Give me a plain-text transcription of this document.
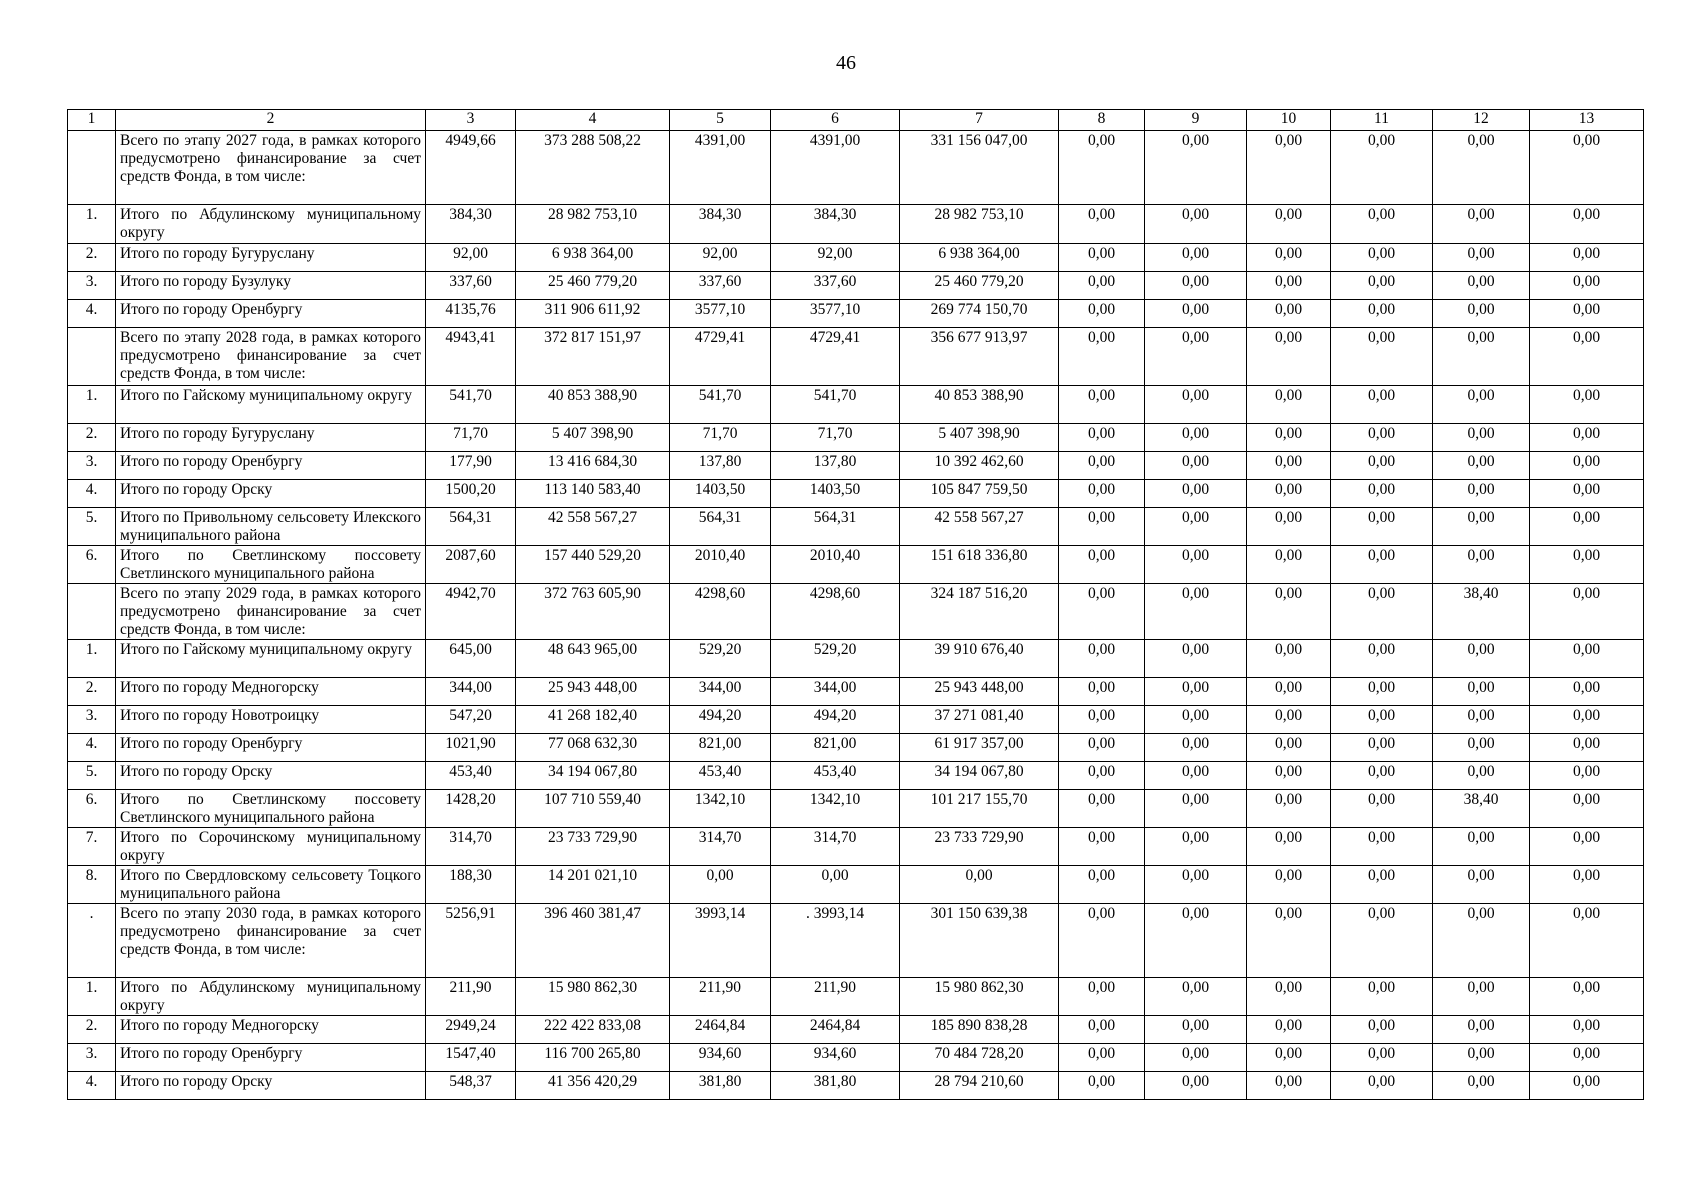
46
1	2	3	4	5	6	7	8	9	10	11	12	13
	Всего по этапу 2027 года, в рамках которого предусмотрено финансирование за счет средств Фонда, в том числе:	4949,66	373 288 508,22	4391,00	4391,00	331 156 047,00	0,00	0,00	0,00	0,00	0,00	0,00
1.	Итого по Абдулинскому муниципальному округу	384,30	28 982 753,10	384,30	384,30	28 982 753,10	0,00	0,00	0,00	0,00	0,00	0,00
2.	Итого по городу Бугуруслану	92,00	6 938 364,00	92,00	92,00	6 938 364,00	0,00	0,00	0,00	0,00	0,00	0,00
3.	Итого по городу Бузулуку	337,60	25 460 779,20	337,60	337,60	25 460 779,20	0,00	0,00	0,00	0,00	0,00	0,00
4.	Итого по городу Оренбургу	4135,76	311 906 611,92	3577,10	3577,10	269 774 150,70	0,00	0,00	0,00	0,00	0,00	0,00
	Всего по этапу 2028 года, в рамках которого предусмотрено финансирование за счет средств Фонда, в том числе:	4943,41	372 817 151,97	4729,41	4729,41	356 677 913,97	0,00	0,00	0,00	0,00	0,00	0,00
1.	Итого по Гайскому муниципальному округу	541,70	40 853 388,90	541,70	541,70	40 853 388,90	0,00	0,00	0,00	0,00	0,00	0,00
2.	Итого по городу Бугуруслану	71,70	5 407 398,90	71,70	71,70	5 407 398,90	0,00	0,00	0,00	0,00	0,00	0,00
3.	Итого по городу Оренбургу	177,90	13 416 684,30	137,80	137,80	10 392 462,60	0,00	0,00	0,00	0,00	0,00	0,00
4.	Итого по городу Орску	1500,20	113 140 583,40	1403,50	1403,50	105 847 759,50	0,00	0,00	0,00	0,00	0,00	0,00
5.	Итого по Привольному сельсовету Илекского муниципального района	564,31	42 558 567,27	564,31	564,31	42 558 567,27	0,00	0,00	0,00	0,00	0,00	0,00
6.	Итого по Светлинскому поссовету Светлинского муниципального района	2087,60	157 440 529,20	2010,40	2010,40	151 618 336,80	0,00	0,00	0,00	0,00	0,00	0,00
	Всего по этапу 2029 года, в рамках которого предусмотрено финансирование за счет средств Фонда, в том числе:	4942,70	372 763 605,90	4298,60	4298,60	324 187 516,20	0,00	0,00	0,00	0,00	38,40	0,00
1.	Итого по Гайскому муниципальному округу	645,00	48 643 965,00	529,20	529,20	39 910 676,40	0,00	0,00	0,00	0,00	0,00	0,00
2.	Итого по городу Медногорску	344,00	25 943 448,00	344,00	344,00	25 943 448,00	0,00	0,00	0,00	0,00	0,00	0,00
3.	Итого по городу Новотроицку	547,20	41 268 182,40	494,20	494,20	37 271 081,40	0,00	0,00	0,00	0,00	0,00	0,00
4.	Итого по городу Оренбургу	1021,90	77 068 632,30	821,00	821,00	61 917 357,00	0,00	0,00	0,00	0,00	0,00	0,00
5.	Итого по городу Орску	453,40	34 194 067,80	453,40	453,40	34 194 067,80	0,00	0,00	0,00	0,00	0,00	0,00
6.	Итого по Светлинскому поссовету Светлинского муниципального района	1428,20	107 710 559,40	1342,10	1342,10	101 217 155,70	0,00	0,00	0,00	0,00	38,40	0,00
7.	Итого по Сорочинскому муниципальному округу	314,70	23 733 729,90	314,70	314,70	23 733 729,90	0,00	0,00	0,00	0,00	0,00	0,00
8.	Итого по Свердловскому сельсовету Тоцкого муниципального района	188,30	14 201 021,10	0,00	0,00	0,00	0,00	0,00	0,00	0,00	0,00	0,00
.	Всего по этапу 2030 года, в рамках которого предусмотрено финансирование за счет средств Фонда, в том числе:	5256,91	396 460 381,47	3993,14	. 3993,14	301 150 639,38	0,00	0,00	0,00	0,00	0,00	0,00
1.	Итого по Абдулинскому муниципальному округу	211,90	15 980 862,30	211,90	211,90	15 980 862,30	0,00	0,00	0,00	0,00	0,00	0,00
2.	Итого по городу Медногорску	2949,24	222 422 833,08	2464,84	2464,84	185 890 838,28	0,00	0,00	0,00	0,00	0,00	0,00
3.	Итого по городу Оренбургу	1547,40	116 700 265,80	934,60	934,60	70 484 728,20	0,00	0,00	0,00	0,00	0,00	0,00
4.	Итого по городу Орску	548,37	41 356 420,29	381,80	381,80	28 794 210,60	0,00	0,00	0,00	0,00	0,00	0,00
